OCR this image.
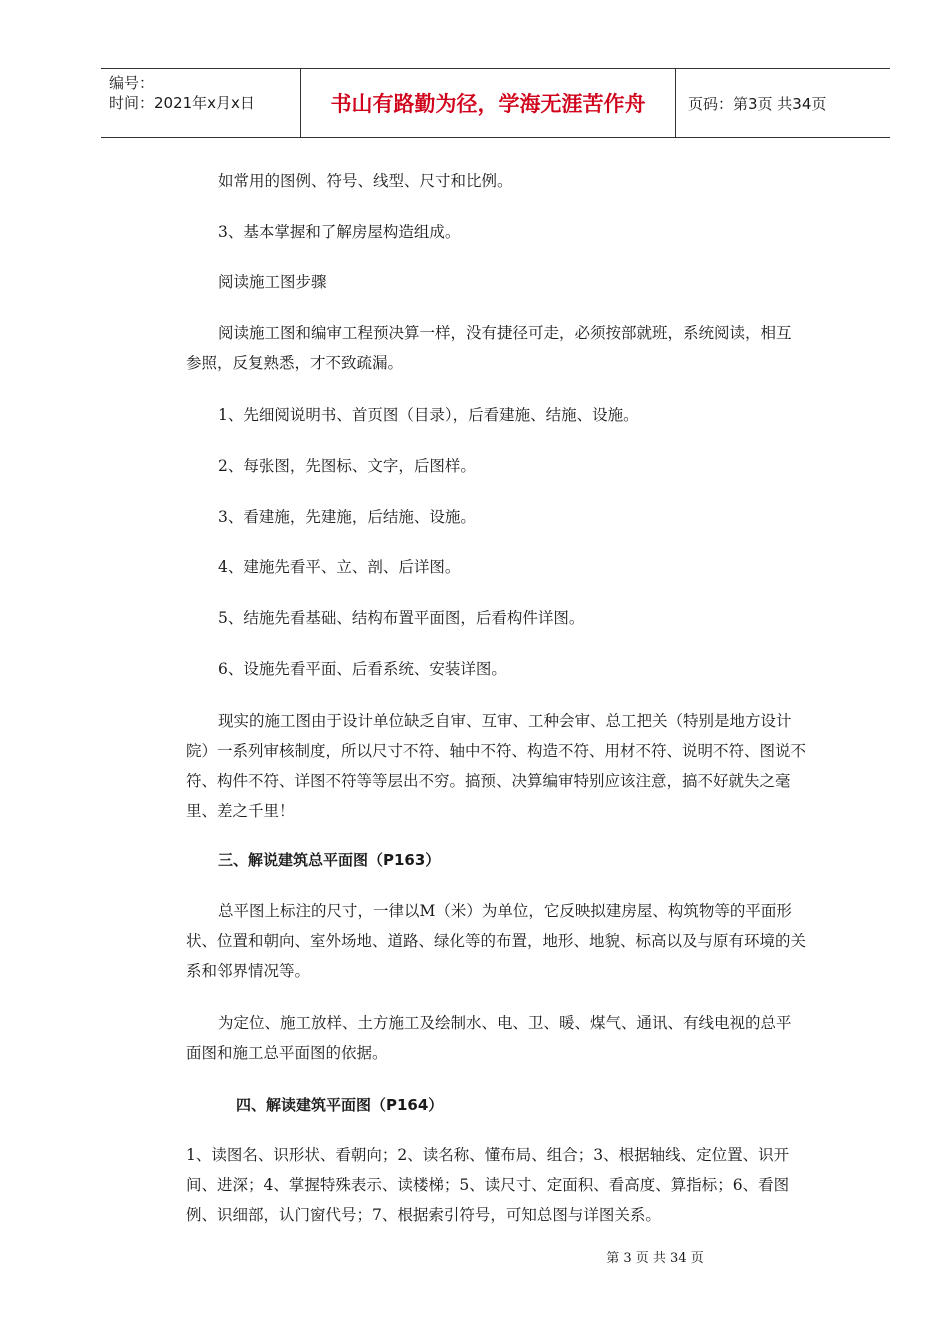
编号：
时间：2021年x月x日	书山有路勤为径，学海无涯苦作舟	页码：第3页 共34页
如常用的图例、符号、线型、尺寸和比例。
3、基本掌握和了解房屋构造组成。
阅读施工图步骤
阅读施工图和编审工程预决算一样，没有捷径可走，必须按部就班，系统阅读，相互参照，反复熟悉，才不致疏漏。
1、先细阅说明书、首页图（目录），后看建施、结施、设施。
2、每张图，先图标、文字，后图样。
3、看建施，先建施，后结施、设施。
4、建施先看平、立、剖、后详图。
5、结施先看基础、结构布置平面图，后看构件详图。
6、设施先看平面、后看系统、安装详图。
现实的施工图由于设计单位缺乏自审、互审、工种会审、总工把关（特别是地方设计院）一系列审核制度，所以尺寸不符、轴中不符、构造不符、用材不符、说明不符、图说不符、构件不符、详图不符等等层出不穷。搞预、决算编审特别应该注意，搞不好就失之毫里、差之千里！
三、解说建筑总平面图（P163）
总平图上标注的尺寸，一律以M（米）为单位，它反映拟建房屋、构筑物等的平面形状、位置和朝向、室外场地、道路、绿化等的布置，地形、地貌、标高以及与原有环境的关系和邻界情况等。
为定位、施工放样、土方施工及绘制水、电、卫、暖、煤气、通讯、有线电视的总平面图和施工总平面图的依据。
四、解读建筑平面图（P164）
1、读图名、识形状、看朝向；2、读名称、懂布局、组合；3、根据轴线、定位置、识开间、进深；4、掌握特殊表示、读楼梯；5、读尺寸、定面积、看高度、算指标；6、看图例、识细部，认门窗代号；7、根据索引符号，可知总图与详图关系。
第 3 页 共 34 页
